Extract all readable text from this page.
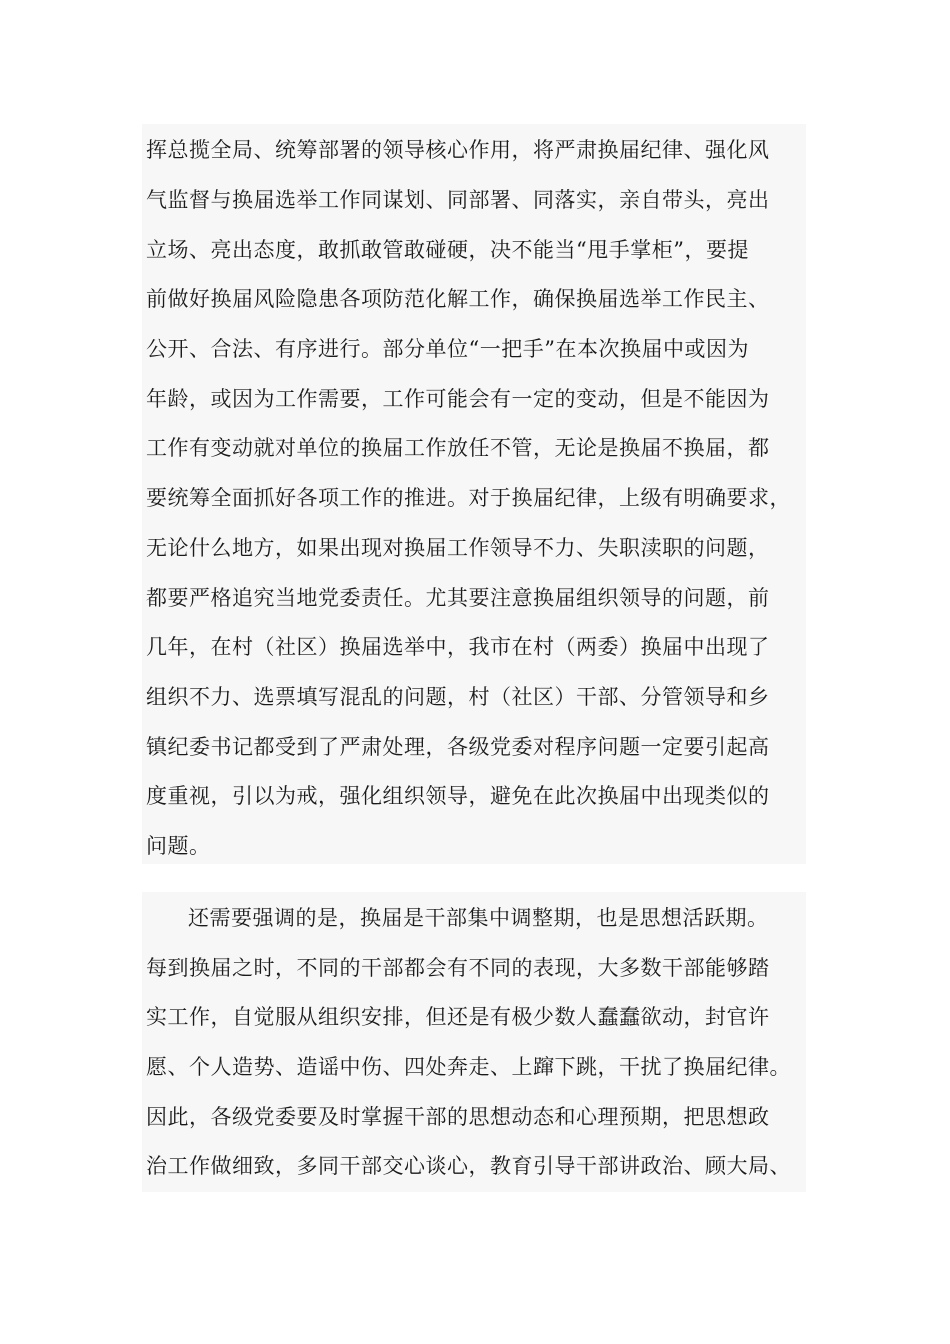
挥总揽全局、统筹部署的领导核心作用，将严肃换届纪律、强化风
气监督与换届选举工作同谋划、同部署、同落实，亲自带头，亮出
立场、亮出态度，敢抓敢管敢碰硬，决不能当“甩手掌柜”，要提
前做好换届风险隐患各项防范化解工作，确保换届选举工作民主、
公开、合法、有序进行。部分单位“一把手”在本次换届中或因为
年龄，或因为工作需要，工作可能会有一定的变动，但是不能因为
工作有变动就对单位的换届工作放任不管，无论是换届不换届，都
要统筹全面抓好各项工作的推进。对于换届纪律，上级有明确要求，
无论什么地方，如果出现对换届工作领导不力、失职渎职的问题，
都要严格追究当地党委责任。尤其要注意换届组织领导的问题，前
几年，在村（社区）换届选举中，我市在村（两委）换届中出现了
组织不力、选票填写混乱的问题，村（社区）干部、分管领导和乡
镇纪委书记都受到了严肃处理，各级党委对程序问题一定要引起高
度重视，引以为戒，强化组织领导，避免在此次换届中出现类似的
问题。
还需要强调的是，换届是干部集中调整期，也是思想活跃期。
每到换届之时，不同的干部都会有不同的表现，大多数干部能够踏
实工作，自觉服从组织安排，但还是有极少数人蠢蠢欲动，封官许
愿、个人造势、造谣中伤、四处奔走、上蹿下跳，干扰了换届纪律。
因此，各级党委要及时掌握干部的思想动态和心理预期，把思想政
治工作做细致，多同干部交心谈心，教育引导干部讲政治、顾大局、
